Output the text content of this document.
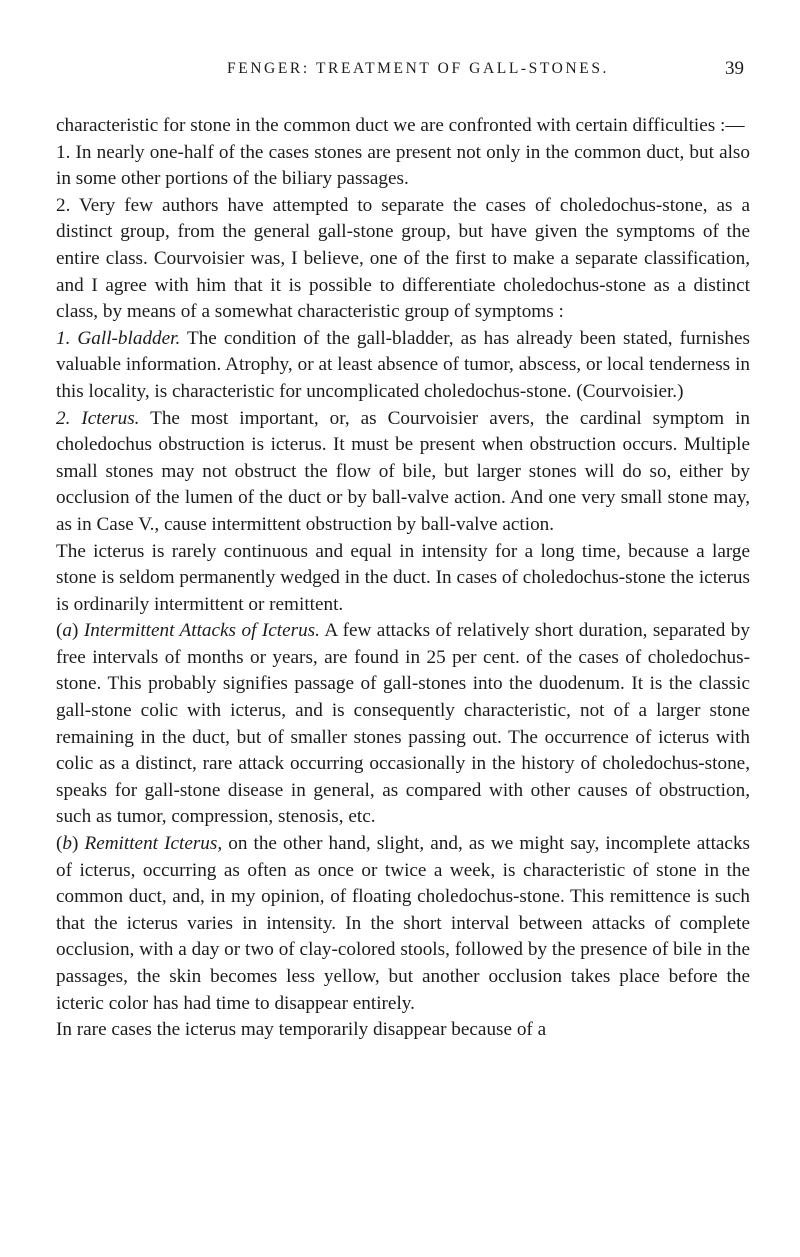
FENGER: TREATMENT OF GALL-STONES.	39

characteristic for stone in the common duct we are confronted with certain difficulties :—

1. In nearly one-half of the cases stones are present not only in the common duct, but also in some other portions of the biliary passages.

2. Very few authors have attempted to separate the cases of choledochus-stone, as a distinct group, from the general gall-stone group, but have given the symptoms of the entire class. Courvoisier was, I believe, one of the first to make a separate classification, and I agree with him that it is possible to differentiate choledochus-stone as a distinct class, by means of a somewhat characteristic group of symptoms :

1. Gall-bladder. The condition of the gall-bladder, as has already been stated, furnishes valuable information. Atrophy, or at least absence of tumor, abscess, or local tenderness in this locality, is characteristic for uncomplicated choledochus-stone. (Courvoisier.)

2. Icterus. The most important, or, as Courvoisier avers, the cardinal symptom in choledochus obstruction is icterus. It must be present when obstruction occurs. Multiple small stones may not obstruct the flow of bile, but larger stones will do so, either by occlusion of the lumen of the duct or by ball-valve action. And one very small stone may, as in Case V., cause intermittent obstruction by ball-valve action.

The icterus is rarely continuous and equal in intensity for a long time, because a large stone is seldom permanently wedged in the duct. In cases of choledochus-stone the icterus is ordinarily intermittent or remittent.

(a) Intermittent Attacks of Icterus. A few attacks of relatively short duration, separated by free intervals of months or years, are found in 25 per cent. of the cases of choledochus-stone. This probably signifies passage of gall-stones into the duodenum. It is the classic gall-stone colic with icterus, and is consequently characteristic, not of a larger stone remaining in the duct, but of smaller stones passing out. The occurrence of icterus with colic as a distinct, rare attack occurring occasionally in the history of choledochus-stone, speaks for gall-stone disease in general, as compared with other causes of obstruction, such as tumor, compression, stenosis, etc.

(b) Remittent Icterus, on the other hand, slight, and, as we might say, incomplete attacks of icterus, occurring as often as once or twice a week, is characteristic of stone in the common duct, and, in my opinion, of floating choledochus-stone. This remittence is such that the icterus varies in intensity. In the short interval between attacks of complete occlusion, with a day or two of clay-colored stools, followed by the presence of bile in the passages, the skin becomes less yellow, but another occlusion takes place before the icteric color has had time to disappear entirely.

In rare cases the icterus may temporarily disappear because of a
